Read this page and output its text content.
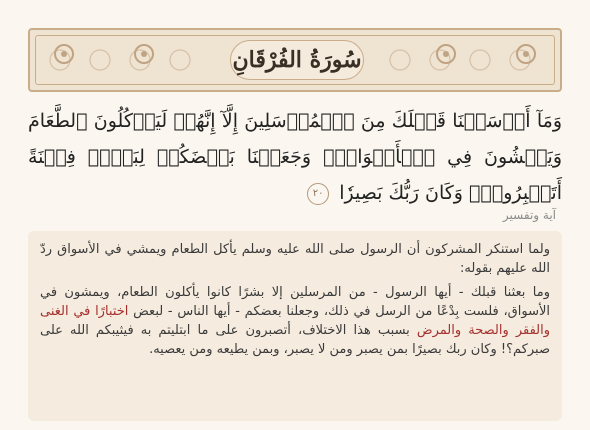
سُورَةُ الفُرْقَانِ
وَمَآ أَرۡسَلۡنَا قَبۡلَكَ مِنَ ٱلۡمُرۡسَلِينَ إِلَّآ إِنَّهُمۡ لَيَأۡكُلُونَ ٱلطَّعَامَ وَيَمۡشُونَ فِي ٱلۡأَسۡوَاقِۗ وَجَعَلۡنَا بَعۡضَكُمۡ لِبَعۡضٖ فِتۡنَةً أَتَصۡبِرُونَۗ وَكَانَ رَبُّكَ بَصِيرٗا ٢٠
آية وتفسير

ولما استنكر المشركون أن الرسول صلى الله عليه وسلم يأكل الطعام ويمشي في الأسواق ردّ الله عليهم بقوله:

وما بعثنا قبلك - أيها الرسول - من المرسلين إلا بشرًا كانوا يأكلون الطعام، ويمشون في الأسواق، فلست بِدْعًا من الرسل في ذلك، وجعلنا بعضكم - أيها الناس - لبعض اختبارًا في الغنى والفقر والصحة والمرض بسبب هذا الاختلاف، أتصبرون على ما ابتليتم به فيثيبكم الله على صبركم؟! وكان ربك بصيرًا بمن يصبر ومن لا يصبر، وبمن يطيعه ومن يعصيه.
